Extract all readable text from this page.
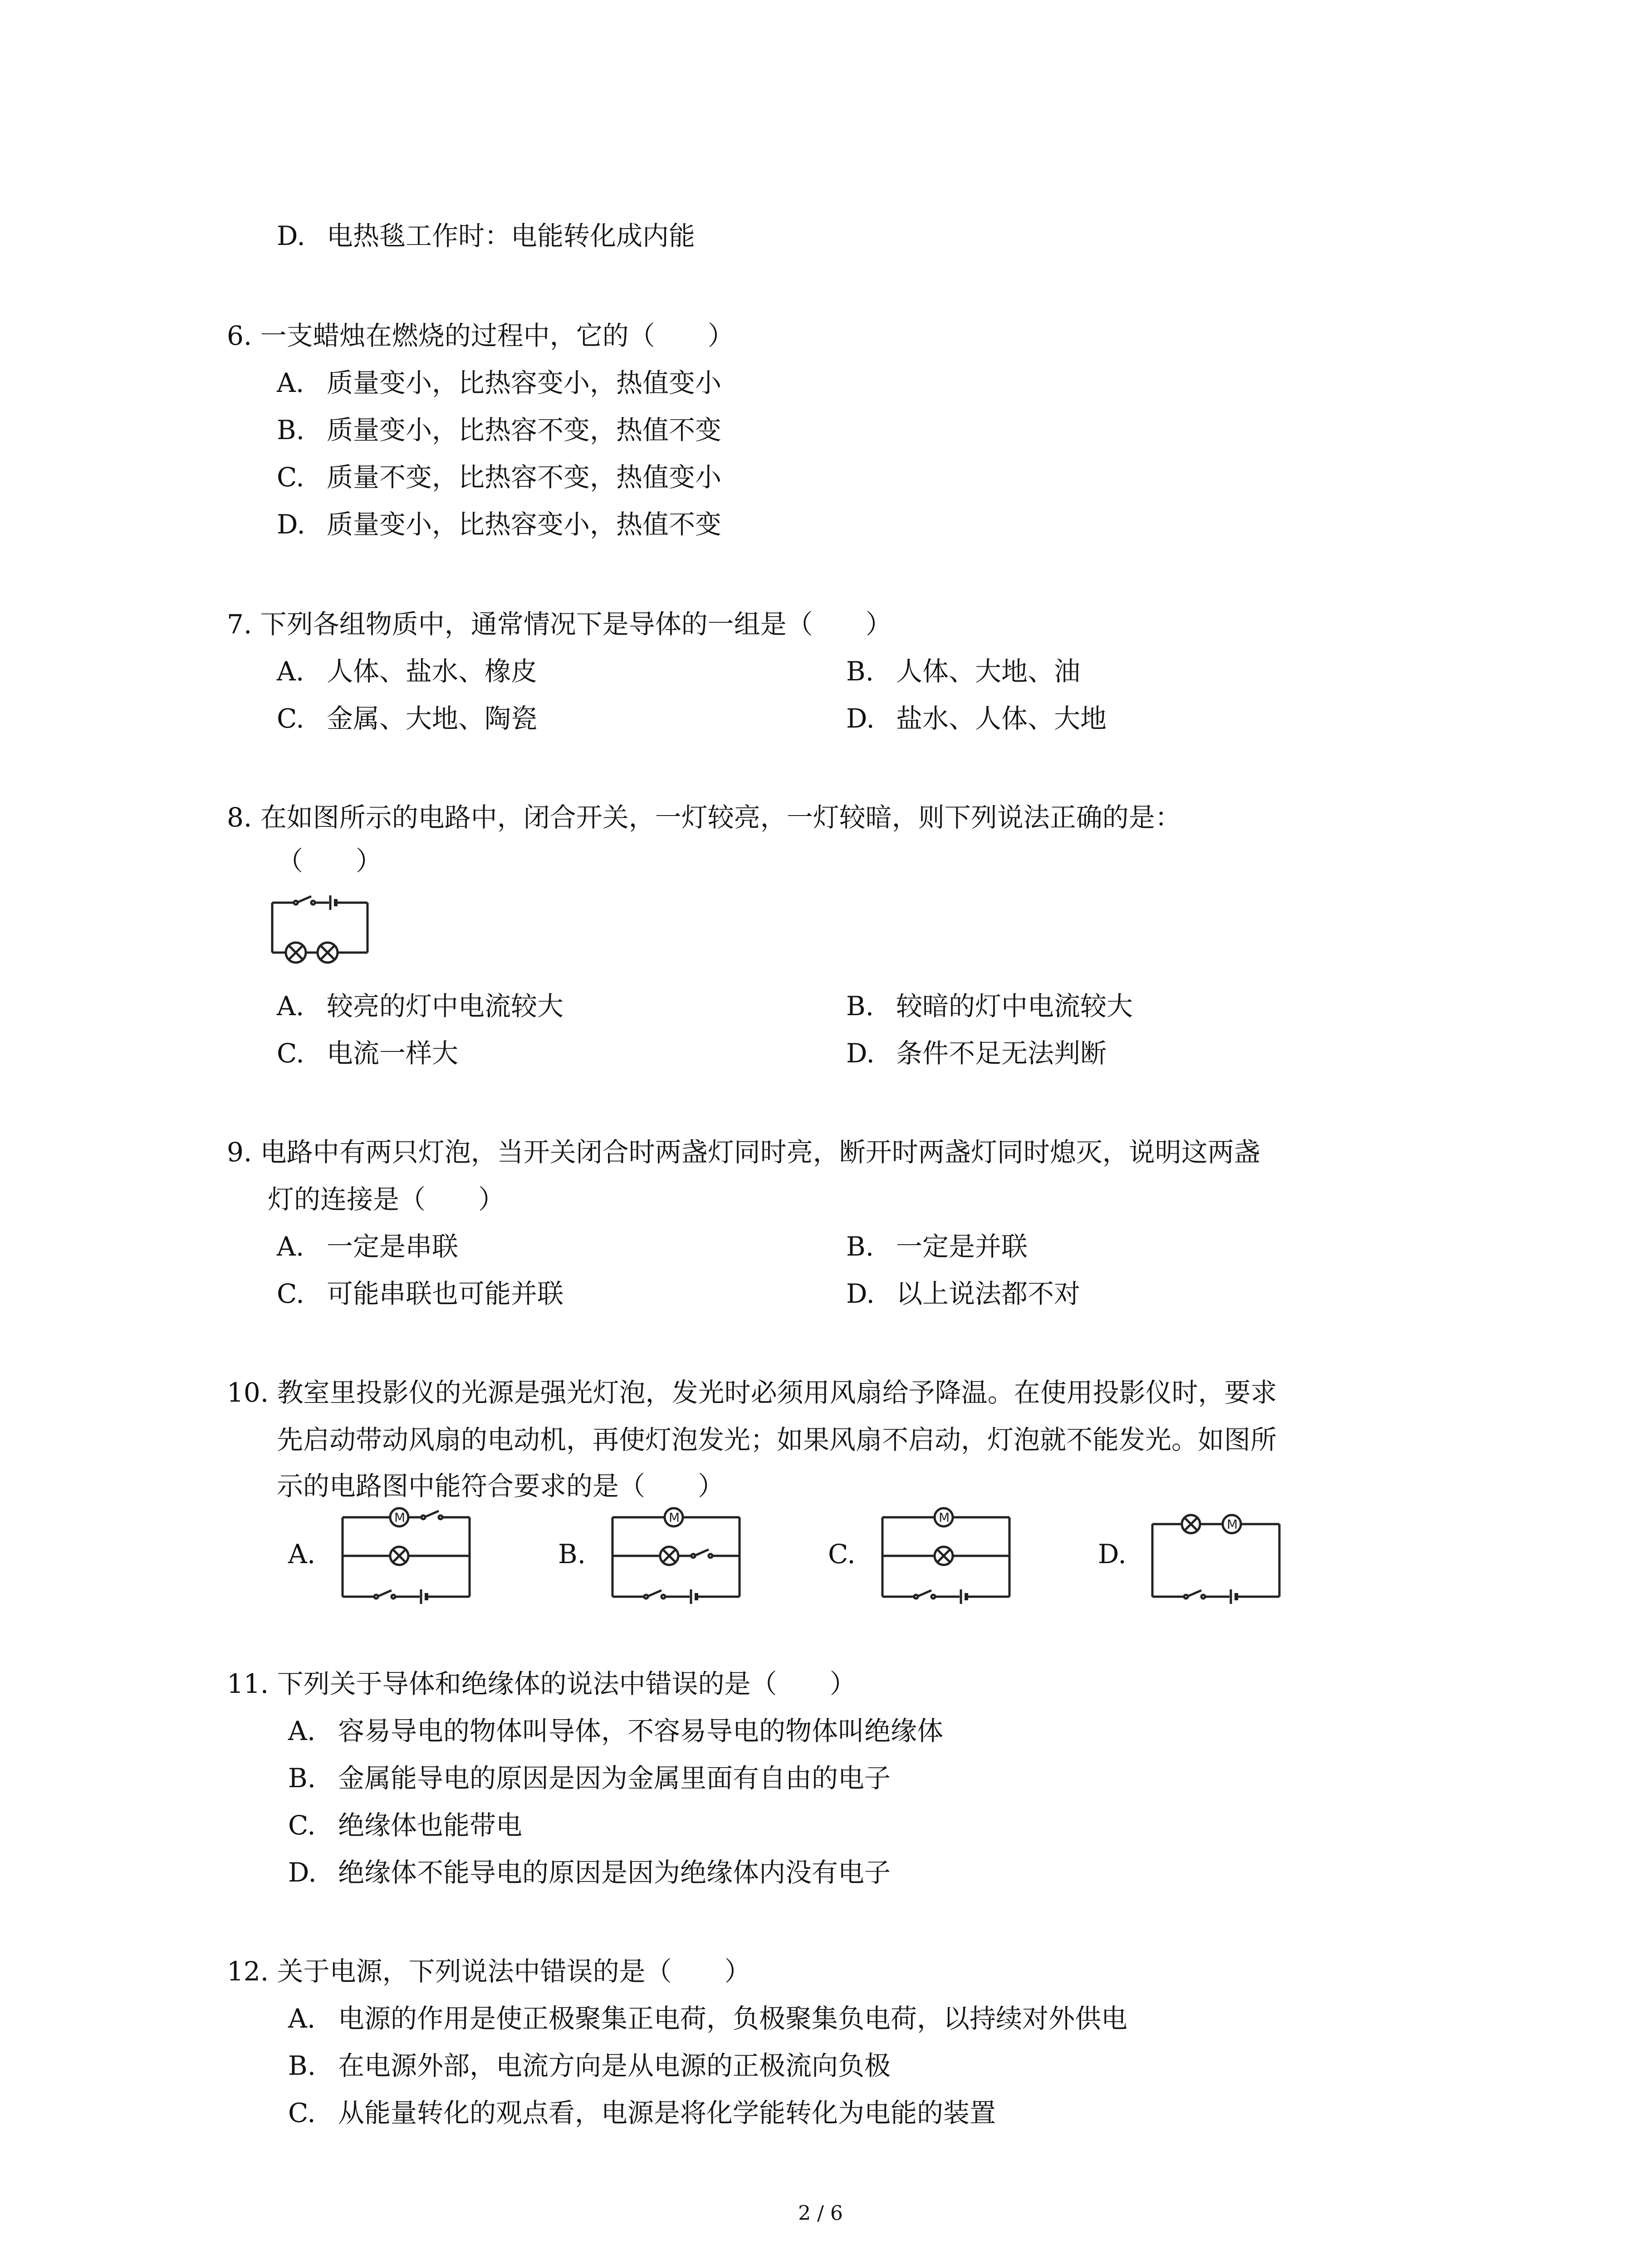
D. 电热毯工作时：电能转化成内能
6. 一支蜡烛在燃烧的过程中，它的（　　）
A. 质量变小，比热容变小，热值变小
B. 质量变小，比热容不变，热值不变
C. 质量不变，比热容不变，热值变小
D. 质量变小，比热容变小，热值不变
7. 下列各组物质中，通常情况下是导体的一组是（　　）
A. 人体、盐水、橡皮	B. 人体、大地、油
C. 金属、大地、陶瓷	D. 盐水、人体、大地
8. 在如图所示的电路中，闭合开关，一灯较亮，一灯较暗，则下列说法正确的是：
（　　）
A. 较亮的灯中电流较大	B. 较暗的灯中电流较大
C. 电流一样大	D. 条件不足无法判断
9. 电路中有两只灯泡，当开关闭合时两盏灯同时亮，断开时两盏灯同时熄灭，说明这两盏
灯的连接是（　　）
A. 一定是串联	B. 一定是并联
C. 可能串联也可能并联	D. 以上说法都不对
10. 教室里投影仪的光源是强光灯泡，发光时必须用风扇给予降温。在使用投影仪时，要求
先启动带动风扇的电动机，再使灯泡发光；如果风扇不启动，灯泡就不能发光。如图所
示的电路图中能符合要求的是（　　）
A.
M
B.
M
C.
M
D.
M
11. 下列关于导体和绝缘体的说法中错误的是（　　）
A. 容易导电的物体叫导体，不容易导电的物体叫绝缘体
B. 金属能导电的原因是因为金属里面有自由的电子
C. 绝缘体也能带电
D. 绝缘体不能导电的原因是因为绝缘体内没有电子
12. 关于电源，下列说法中错误的是（　　）
A. 电源的作用是使正极聚集正电荷，负极聚集负电荷，以持续对外供电
B. 在电源外部，电流方向是从电源的正极流向负极
C. 从能量转化的观点看，电源是将化学能转化为电能的装置
2 / 6
